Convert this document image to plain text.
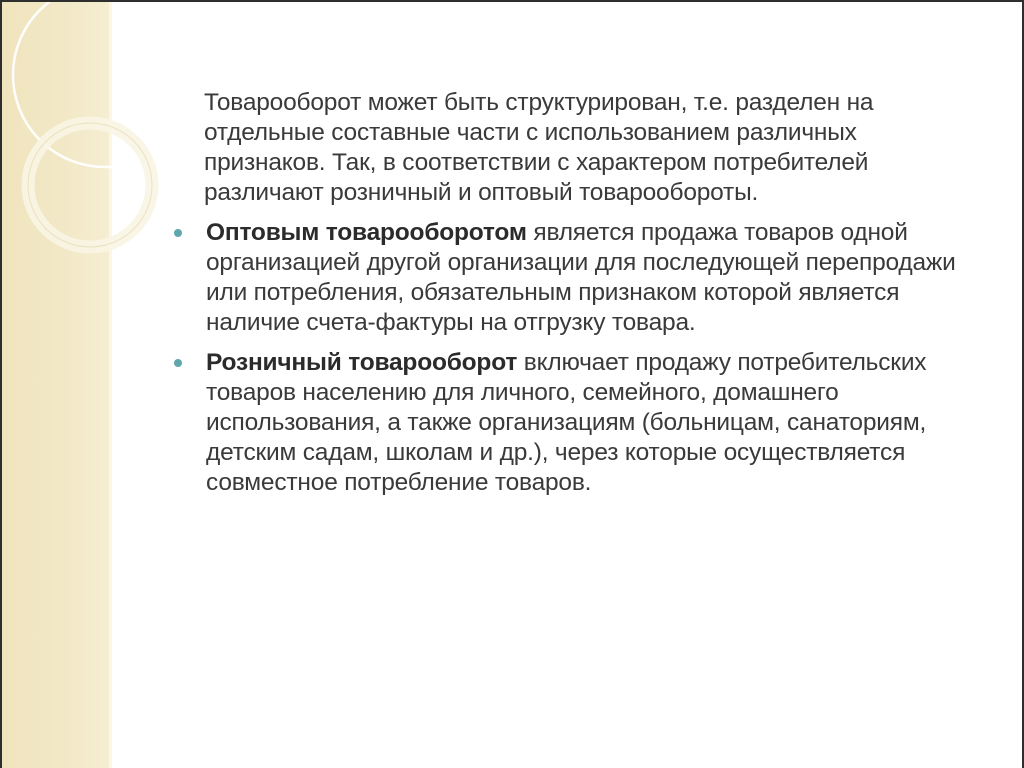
Товарооборот может быть структурирован, т.е. разделен на отдельные составные части с использованием различных признаков. Так, в соответствии с характером потребителей различают розничный и оптовый товарообороты.

Оптовым товарооборотом является продажа товаров одной организацией другой организации для последующей перепродажи или потребления, обязательным признаком которой является наличие счета-фактуры на отгрузку товара.
Розничный товарооборот включает продажу потребительских товаров населению для личного, семейного, домашнего использования, а также организациям (больницам, санаториям, детским садам, школам и др.), через которые осуществляется совместное потребление товаров.
